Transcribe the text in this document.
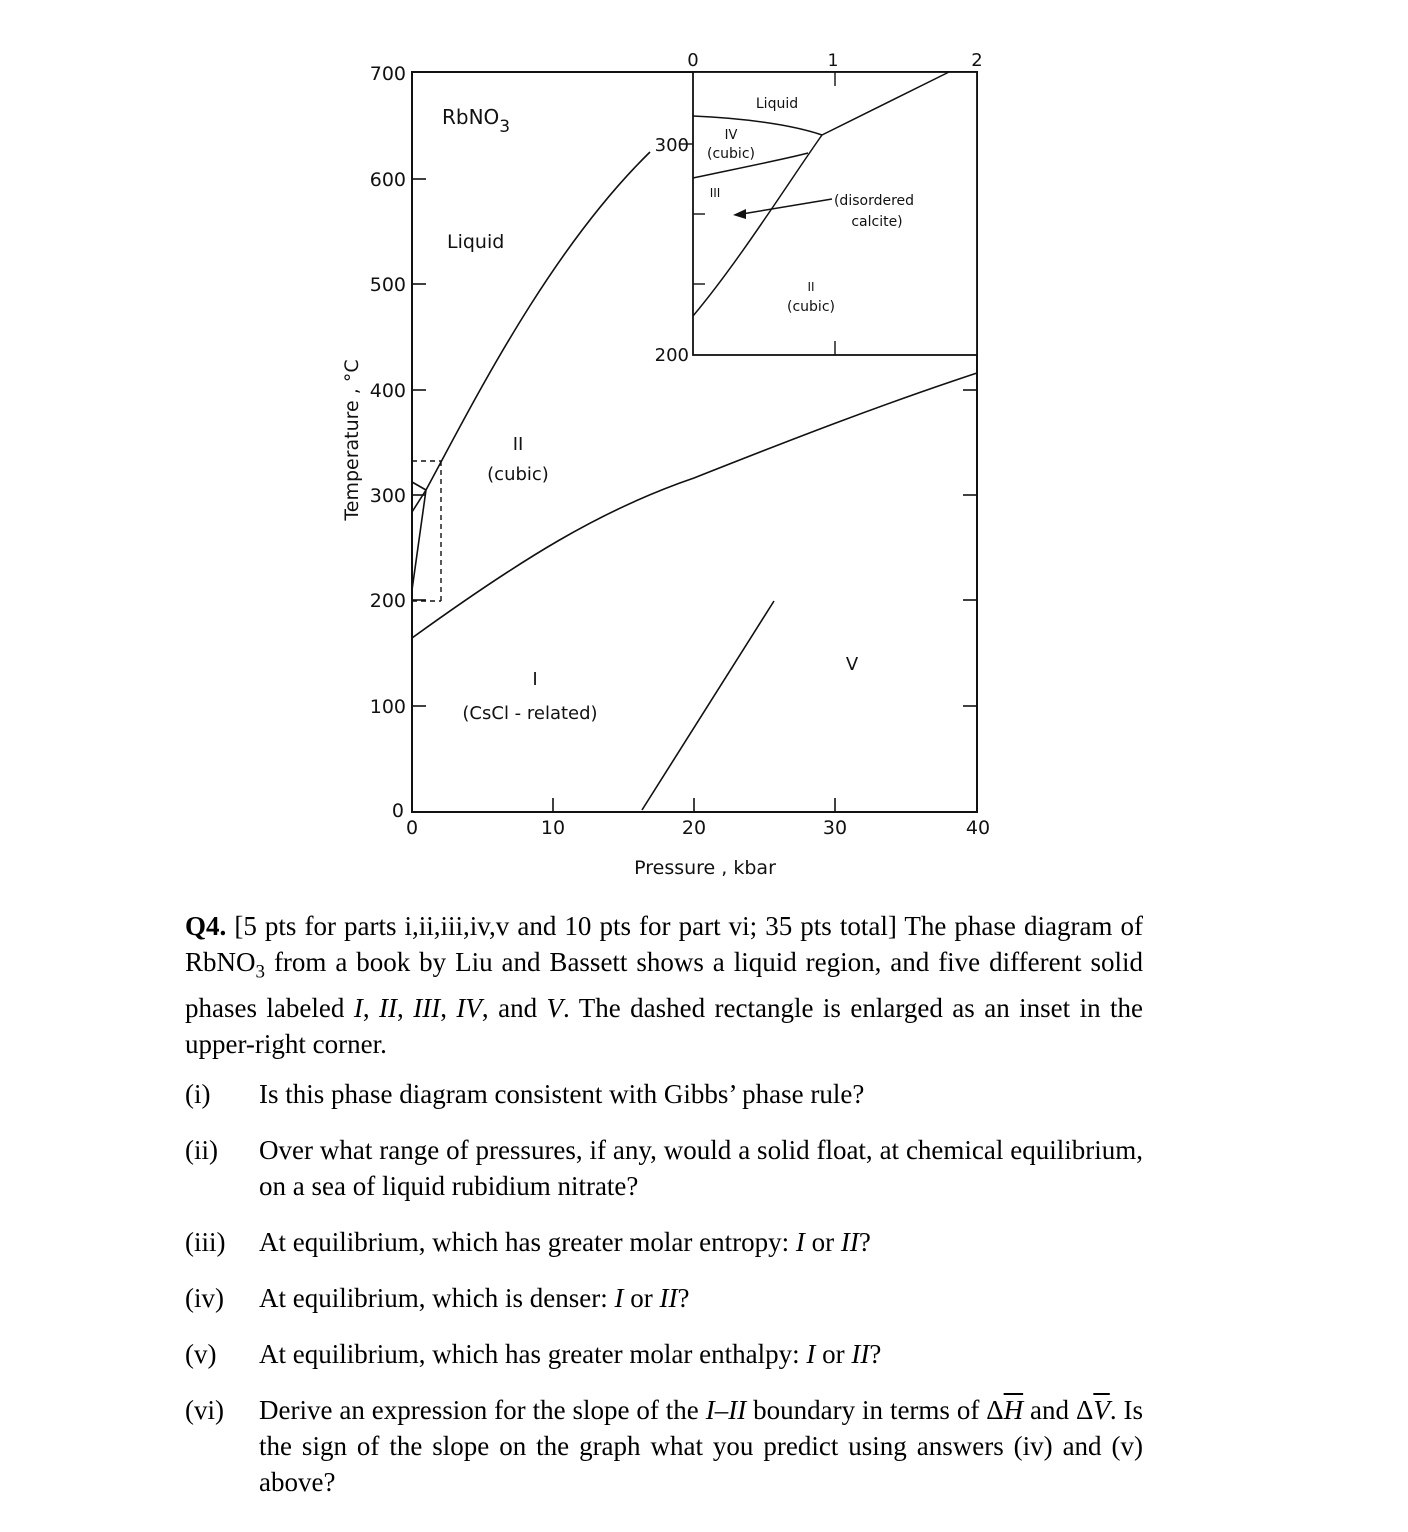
700
600
500
400
300
200
100
0
0	10	20	30	40
Pressure , kbar
Temperature , °C
RbNO$_3$
Liquid
II
(cubic)
I
(CsCl - related)
V
0	1	2
300
200
Liquid
IV
(cubic)
III	(disordered
calcite)
II
(cubic)
Q4. [5 pts for parts i,ii,iii,iv,v and 10 pts for part vi; 35 pts total] The phase diagram of RbNO$_3$ from a book by Liu and Bassett shows a liquid region, and five different solid phases labeled I, II, III, IV, and V. The dashed rectangle is enlarged as an inset in the upper-right corner.
(i)	Is this phase diagram consistent with Gibbs’ phase rule?
(ii)	Over what range of pressures, if any, would a solid float, at chemical equilibrium, on a sea of liquid rubidium nitrate?
(iii)	At equilibrium, which has greater molar entropy: I or II?
(iv)	At equilibrium, which is denser: I or II?
(v)	At equilibrium, which has greater molar enthalpy: I or II?
(vi)	Derive an expression for the slope of the I–II boundary in terms of $\Delta\overline{H}$ and $\Delta\overline{V}$. Is the sign of the slope on the graph what you predict using answers (iv) and (v) above?
